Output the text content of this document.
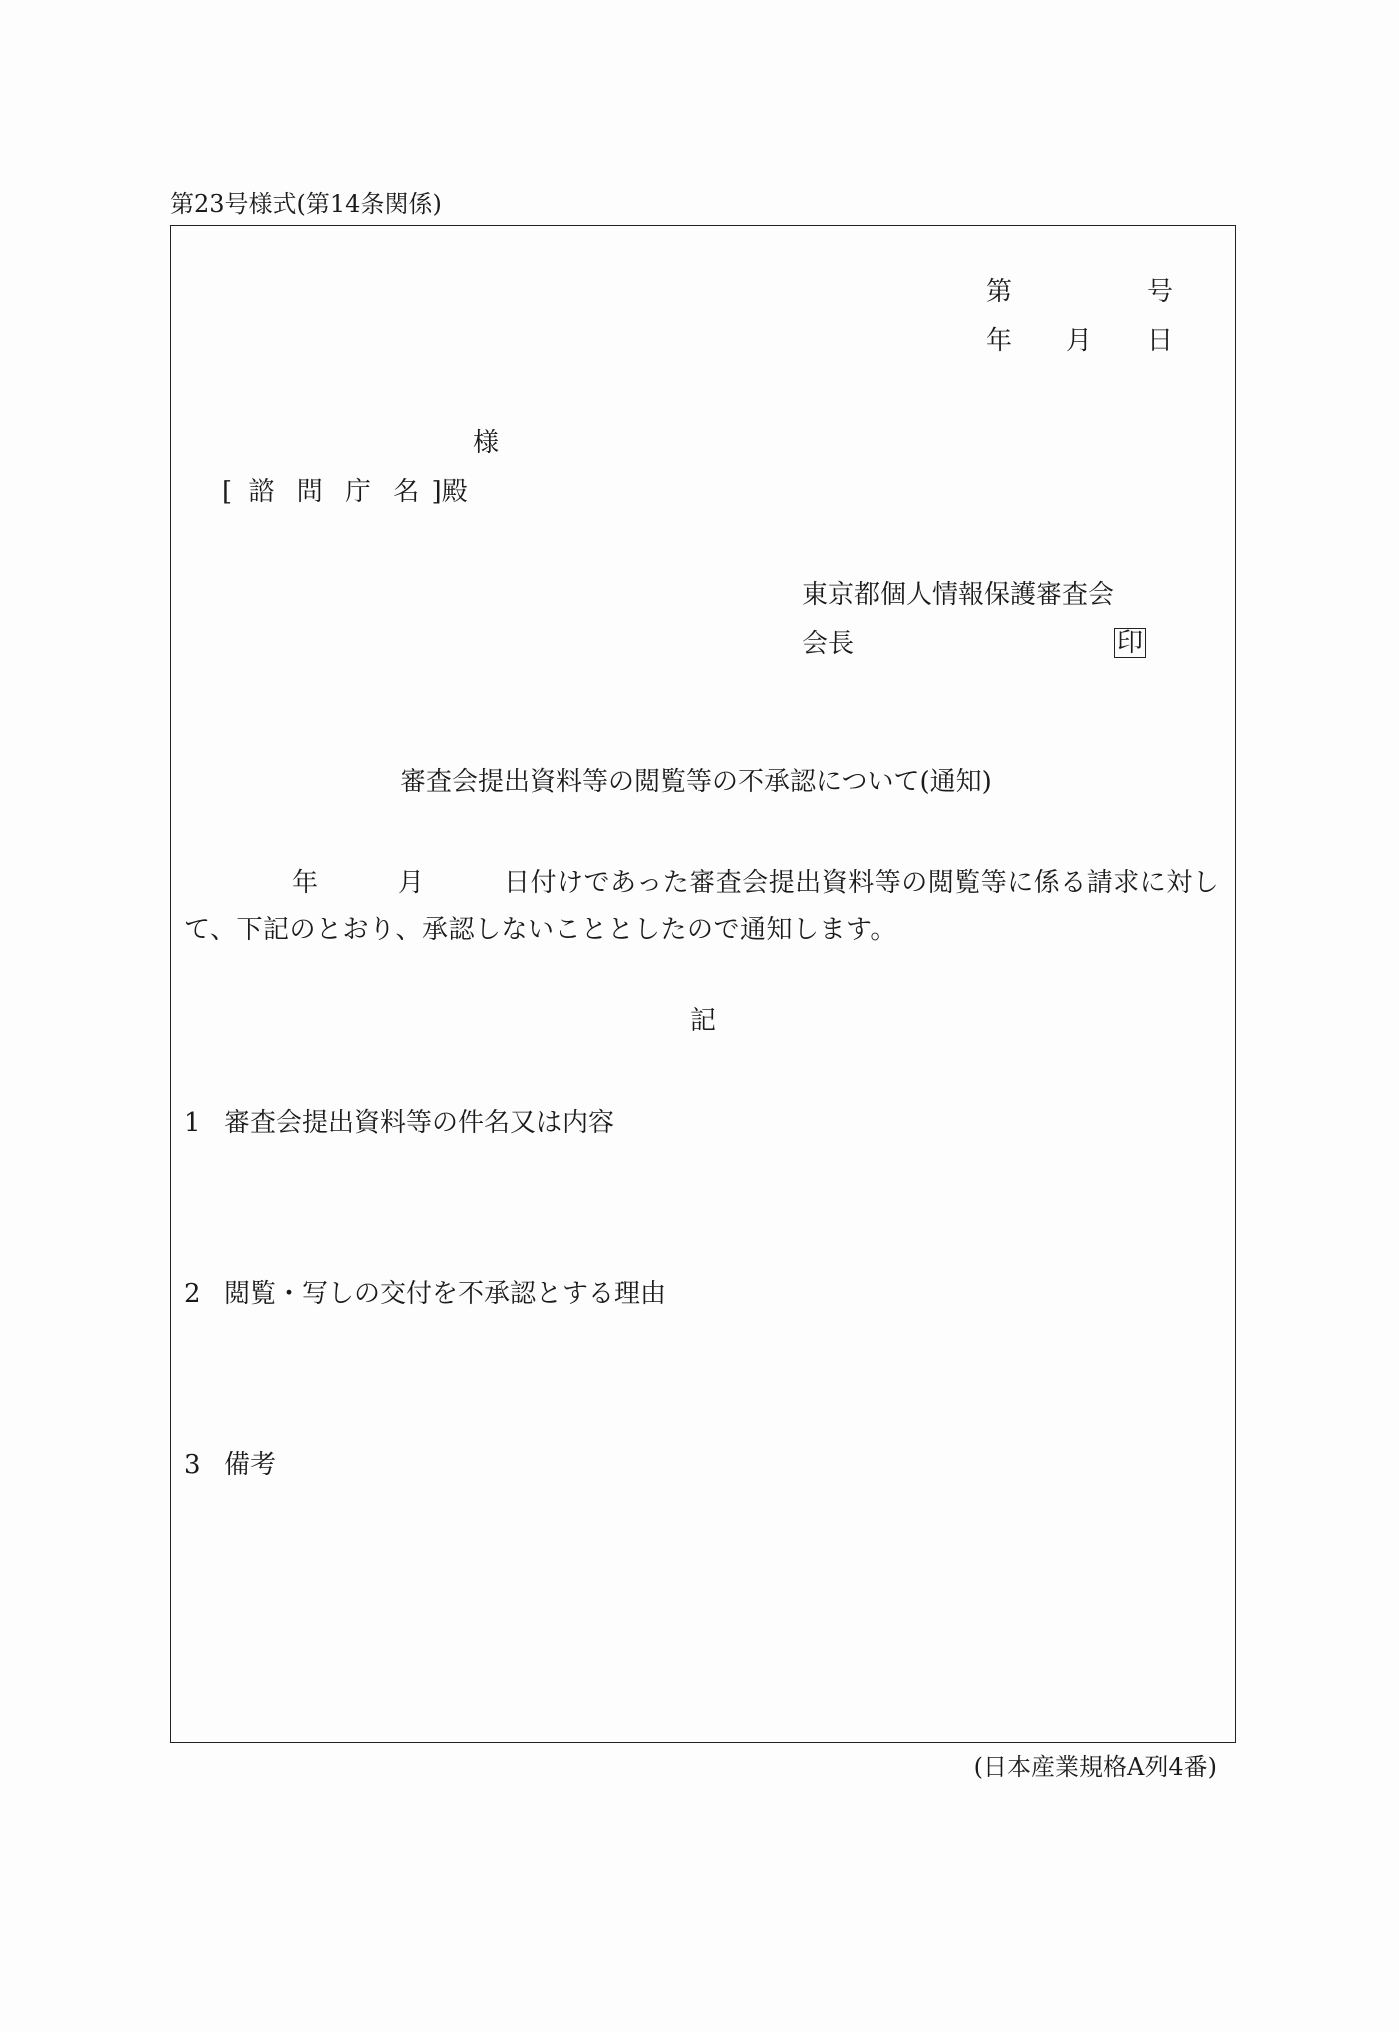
第23号様式(第14条関係)
第	号
年 月 日
様
[ 諮 問 庁 名 ]殿
東京都個人情報保護審査会
会長	印
審査会提出資料等の閲覧等の不承認について(通知)
年	月	日付けであった審査会提出資料等の閲覧等に係る請求に対し
て、下記のとおり、承認しないこととしたので通知します。
記
1 審査会提出資料等の件名又は内容
2 閲覧・写しの交付を不承認とする理由
3 備考
(日本産業規格A列4番)
